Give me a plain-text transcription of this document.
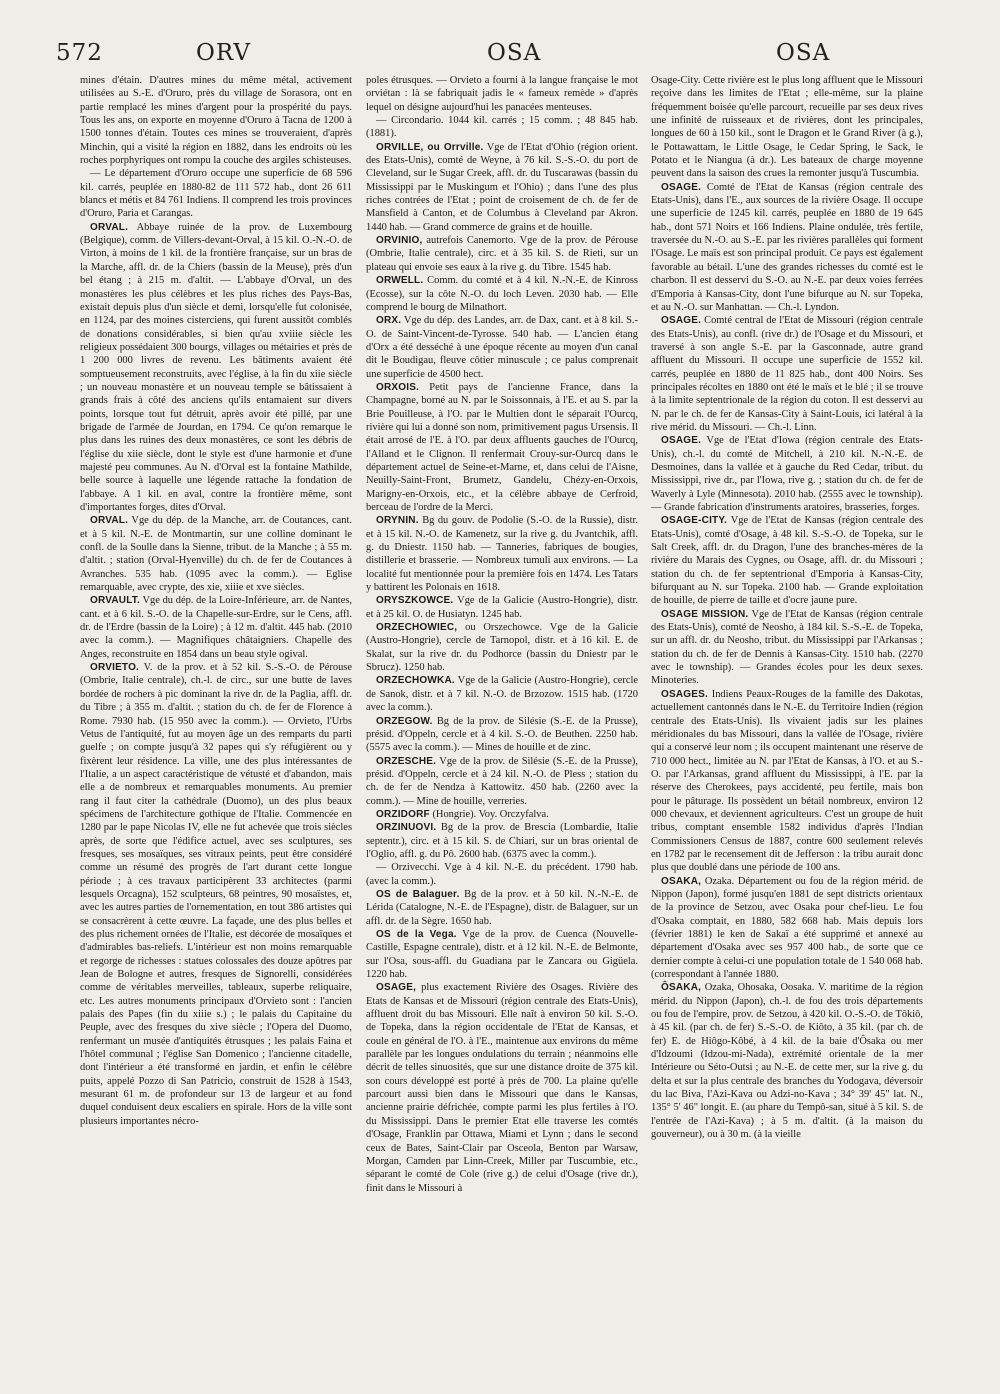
572	ORV	OSA	OSA

mines d'étain. D'autres mines du même métal, activement utilisées au S.-E. d'Oruro, près du village de Sorasora, ont en partie remplacé les mines d'argent pour la prospérité du pays. Tous les ans, on exporte en moyenne d'Oruro à Tacna de 1200 à 1500 tonnes d'étain. Toutes ces mines se trouveraient, d'après Minchin, qui a visité la région en 1882, dans les endroits où les roches porphyriques ont rompu la couche des argiles schisteuses.

— Le département d'Oruro occupe une superficie de 68 596 kil. carrés, peuplée en 1880-82 de 111 572 hab., dont 26 611 blancs et métis et 84 761 Indiens. Il comprend les trois provinces d'Oruro, Paria et Carangas.

ORVAL. Abbaye ruinée de la prov. de Luxembourg (Belgique), comm. de Villers-devant-Orval, à 15 kil. O.-N.-O. de Virton, à moins de 1 kil. de la frontière française, sur un bras de la Marche, affl. dr. de la Chiers (bassin de la Meuse), près d'un bel étang ; à 215 m. d'altit. — L'abbaye d'Orval, un des monastères les plus célèbres et les plus riches des Pays-Bas, existait depuis plus d'un siècle et demi, lorsqu'elle fut colonisée, en 1124, par des moines cisterciens, qui furent aussitôt comblés de donations considérables, si bien qu'au xviiie siècle les religieux possédaient 300 bourgs, villages ou métairies et près de 1 200 000 livres de revenu. Les bâtiments avaient été somptueusement reconstruits, avec l'église, à la fin du xiie siècle ; un nouveau monastère et un nouveau temple se bâtissaient à grands frais à côté des anciens qu'ils entamaient sur divers points, lorsque tout fut détruit, après avoir été pillé, par une brigade de l'armée de Jourdan, en 1794. Ce qu'on remarque le plus dans les ruines des deux monastères, ce sont les débris de l'église du xiie siècle, dont le style est d'une harmonie et d'une majesté peu communes. Au N. d'Orval est la fontaine Mathilde, belle source à laquelle une légende rattache la fondation de l'abbaye. A 1 kil. en aval, contre la frontière même, sont d'importantes forges, dites d'Orval.

ORVAL. Vge du dép. de la Manche, arr. de Coutances, cant. et à 5 kil. N.-E. de Montmartin, sur une colline dominant le confl. de la Soulle dans la Sienne, tribut. de la Manche ; à 55 m. d'altit. ; station (Orval-Hyenville) du ch. de fer de Coutances à Avranches. 535 hab. (1095 avec la comm.). — Eglise remarquable, avec crypte, des xie, xiiie et xve siècles.

ORVAULT. Vge du dép. de la Loire-Inférieure, arr. de Nantes, cant. et à 6 kil. S.-O. de la Chapelle-sur-Erdre, sur le Cens, affl. dr. de l'Erdre (bassin de la Loire) ; à 12 m. d'altit. 445 hab. (2010 avec la comm.). — Magnifiques châtaigniers. Chapelle des Anges, reconstruite en 1854 dans un beau style ogival.

ORVIETO. V. de la prov. et à 52 kil. S.-S.-O. de Pérouse (Ombrie, Italie centrale), ch.-l. de circ., sur une butte de laves bordée de rochers à pic dominant la rive dr. de la Paglia, affl. dr. du Tibre ; à 355 m. d'altit. ; station du ch. de fer de Florence à Rome. 7930 hab. (15 950 avec la comm.). — Orvieto, l'Urbs Vetus de l'antiquité, fut au moyen âge un des remparts du parti guelfe ; on compte jusqu'à 32 papes qui s'y réfugièrent ou y fixèrent leur résidence. La ville, une des plus intéressantes de l'Italie, a un aspect caractéristique de vétusté et d'abandon, mais elle a de nombreux et remarquables monuments. Au premier rang il faut citer la cathédrale (Duomo), un des plus beaux spécimens de l'architecture gothique de l'Italie. Commencée en 1280 par le pape Nicolas IV, elle ne fut achevée que trois siècles après, de sorte que l'édifice actuel, avec ses sculptures, ses fresques, ses mosaïques, ses vitraux peints, peut être considéré comme un résumé des progrès de l'art durant cette longue période ; à ces travaux participèrent 33 architectes (parmi lesquels Orcagna), 152 sculpteurs, 68 peintres, 90 mosaïstes, et, avec les autres parties de l'ornementation, en tout 386 artistes qui se consacrèrent à cette œuvre. La façade, une des plus belles et des plus richement ornées de l'Italie, est décorée de mosaïques et d'admirables bas-reliefs. L'intérieur est non moins remarquable et regorge de richesses : statues colossales des douze apôtres par Jean de Bologne et autres, fresques de Signorelli, considérées comme de véritables merveilles, tableaux, superbe reliquaire, etc. Les autres monuments principaux d'Orvieto sont : l'ancien palais des Papes (fin du xiiie s.) ; le palais du Capitaine du Peuple, avec des fresques du xive siècle ; l'Opera del Duomo, renfermant un musée d'antiquités étrusques ; les palais Faina et l'hôtel communal ; l'église San Domenico ; l'ancienne citadelle, dont l'intérieur a été transformé en jardin, et enfin le célèbre puits, appelé Pozzo di San Patricio, construit de 1528 à 1543, mesurant 61 m. de profondeur sur 13 de largeur et au fond duquel conduisent deux escaliers en spirale. Hors de la ville sont plusieurs importantes nécro-

poles étrusques. — Orvieto a fourni à la langue française le mot orviétan : là se fabriquait jadis le « fameux remède » d'après lequel on désigne aujourd'hui les panacées menteuses.

— Circondario. 1044 kil. carrés ; 15 comm. ; 48 845 hab. (1881).

ORVILLE, ou Orrville. Vge de l'Etat d'Ohio (région orient. des Etats-Unis), comté de Weyne, à 76 kil. S.-S.-O. du port de Cleveland, sur le Sugar Creek, affl. dr. du Tuscarawas (bassin du Mississippi par le Muskingum et l'Ohio) ; dans l'une des plus riches contrées de l'Etat ; point de croisement de ch. de fer de Mansfield à Canton, et de Columbus à Cleveland par Akron. 1440 hab. — Grand commerce de grains et de houille.

ORVINIO, autrefois Canemorto. Vge de la prov. de Pérouse (Ombrie, Italie centrale), circ. et à 35 kil. S. de Rieti, sur un plateau qui envoie ses eaux à la rive g. du Tibre. 1545 hab.

ORWELL. Comm. du comté et à 4 kil. N.-N.-E. de Kinross (Ecosse), sur la côte N.-O. du loch Leven. 2030 hab. — Elle comprend le bourg de Milnathort.

ORX. Vge du dép. des Landes, arr. de Dax, cant. et à 8 kil. S.-O. de Saint-Vincent-de-Tyrosse. 540 hab. — L'ancien étang d'Orx a été desséché à une époque récente au moyen d'un canal dit le Boudigau, fleuve côtier minuscule ; ce palus comprenait une superficie de 4500 hect.

ORXOIS. Petit pays de l'ancienne France, dans la Champagne, borné au N. par le Soissonnais, à l'E. et au S. par la Brie Pouilleuse, à l'O. par le Multien dont le séparait l'Ourcq, rivière qui lui a donné son nom, primitivement pagus Ursensis. Il était arrosé de l'E. à l'O. par deux affluents gauches de l'Ourcq, l'Alland et le Clignon. Il renfermait Crouy-sur-Ourcq dans le département actuel de Seine-et-Marne, et, dans celui de l'Aisne, Neuilly-Saint-Front, Brumetz, Gandelu, Chézy-en-Orxois, Marigny-en-Orxois, etc., et la célèbre abbaye de Cerfroid, berceau de l'ordre de la Merci.

ORYNIN. Bg du gouv. de Podolie (S.-O. de la Russie), distr. et à 15 kil. N.-O. de Kamenetz, sur la rive g. du Jvantchik, affl. g. du Dniestr. 1150 hab. — Tanneries, fabriques de bougies, distillerie et brasserie. — Nombreux tumuli aux environs. — La localité fut mentionnée pour la première fois en 1474. Les Tatars y battirent les Polonais en 1618.

ORYSZKOWCE. Vge de la Galicie (Austro-Hongrie), distr. et à 25 kil. O. de Husiatyn. 1245 hab.

ORZECHOWIEC, ou Orszechowce. Vge de la Galicie (Austro-Hongrie), cercle de Tarnopol, distr. et à 16 kil. E. de Skalat, sur la rive dr. du Podhorce (bassin du Dniestr par le Sbrucz). 1250 hab.

ORZECHOWKA. Vge de la Galicie (Austro-Hongrie), cercle de Sanok, distr. et à 7 kil. N.-O. de Brzozow. 1515 hab. (1720 avec la comm.).

ORZEGOW. Bg de la prov. de Silésie (S.-E. de la Prusse), présid. d'Oppeln, cercle et à 4 kil. S.-O. de Beuthen. 2250 hab. (5575 avec la comm.). — Mines de houille et de zinc.

ORZESCHE. Vge de la prov. de Silésie (S.-E. de la Prusse), présid. d'Oppeln, cercle et à 24 kil. N.-O. de Pless ; station du ch. de fer de Nendza à Kattowitz. 450 hab. (2260 avec la comm.). — Mine de houille, verreries.

ORZIDORF (Hongrie). Voy. Orczyfalva.

ORZINUOVI. Bg de la prov. de Brescia (Lombardie, Italie septentr.), circ. et à 15 kil. S. de Chiari, sur un bras oriental de l'Oglio, affl. g. du Pô. 2600 hab. (6375 avec la comm.).

— Orzivecchi. Vge à 4 kil. N.-E. du précédent. 1790 hab. (avec la comm.).

OS de Balaguer. Bg de la prov. et à 50 kil. N.-N.-E. de Lérida (Catalogne, N.-E. de l'Espagne), distr. de Balaguer, sur un affl. dr. de la Sègre. 1650 hab.

OS de la Vega. Vge de la prov. de Cuenca (Nouvelle-Castille, Espagne centrale), distr. et à 12 kil. N.-E. de Belmonte, sur l'Osa, sous-affl. du Guadiana par le Zancara ou Gigüela. 1220 hab.

OSAGE, plus exactement Rivière des Osages. Rivière des Etats de Kansas et de Missouri (région centrale des Etats-Unis), affluent droit du bas Missouri. Elle naît à environ 50 kil. S.-O. de Topeka, dans la région occidentale de l'Etat de Kansas, et coule en général de l'O. à l'E., maintenue aux environs du même parallèle par les longues ondulations du terrain ; néanmoins elle décrit de telles sinuosités, que sur une distance droite de 375 kil. son cours développé est porté à près de 700. La plaine qu'elle parcourt aussi bien dans le Missouri que dans le Kansas, ancienne prairie défrichée, compte parmi les plus fertiles à l'O. du Mississippi. Dans le premier Etat elle traverse les comtés d'Osage, Franklin par Ottawa, Miami et Lynn ; dans le second ceux de Bates, Saint-Clair par Osceola, Benton par Warsaw, Morgan, Camden par Linn-Creek, Miller par Tuscumbie, etc., séparant le comté de Cole (rive g.) de celui d'Osage (rive dr.), finit dans le Missouri à

Osage-City. Cette rivière est le plus long affluent que le Missouri reçoive dans les limites de l'Etat ; elle-même, sur la plaine fréquemment boisée qu'elle parcourt, recueille par ses deux rives une infinité de ruisseaux et de rivières, dont les principales, longues de 60 à 150 kil., sont le Dragon et le Grand River (à g.), le Pottawattam, le Little Osage, le Cedar Spring, le Sack, le Potato et le Niangua (à dr.). Les bateaux de charge moyenne peuvent dans la saison des crues la remonter jusqu'à Tuscumbia.

OSAGE. Comté de l'Etat de Kansas (région centrale des Etats-Unis), dans l'E., aux sources de la rivière Osage. Il occupe une superficie de 1245 kil. carrés, peuplée en 1880 de 19 645 hab., dont 571 Noirs et 166 Indiens. Plaine ondulée, très fertile, traversée du N.-O. au S.-E. par les rivières parallèles qui forment l'Osage. Le maïs est son principal produit. Ce pays est également favorable au bétail. L'une des grandes richesses du comté est le charbon. Il est desservi du S.-O. au N.-E. par deux voies ferrées d'Emporia à Kansas-City, dont l'une bifurque au N. sur Topeka, et au N.-O. sur Manhattan. — Ch.-l. Lyndon.

OSAGE. Comté central de l'Etat de Missouri (région centrale des Etats-Unis), au confl. (rive dr.) de l'Osage et du Missouri, et traversé à son angle S.-E. par la Gasconnade, autre grand affluent du Missouri. Il occupe une superficie de 1552 kil. carrés, peuplée en 1880 de 11 825 hab., dont 400 Noirs. Ses principales récoltes en 1880 ont été le maïs et le blé ; il se trouve à la limite septentrionale de la région du coton. Il est desservi au N. par le ch. de fer de Kansas-City à Saint-Louis, ici latéral à la rive mérid. du Missouri. — Ch.-l. Linn.

OSAGE. Vge de l'Etat d'Iowa (région centrale des Etats-Unis), ch.-l. du comté de Mitchell, à 210 kil. N.-N.-E. de Desmoines, dans la vallée et à gauche du Red Cedar, tribut. du Mississippi, rive dr., par l'Iowa, rive g. ; station du ch. de fer de Waverly à Lyle (Minnesota). 2010 hab. (2555 avec le township). — Grande fabrication d'instruments aratoires, brasseries, forges.

OSAGE-CITY. Vge de l'Etat de Kansas (région centrale des Etats-Unis), comté d'Osage, à 48 kil. S.-S.-O. de Topeka, sur le Salt Creek, affl. dr. du Dragon, l'une des branches-mères de la rivière du Marais des Cygnes, ou Osage, affl. dr. du Missouri ; station du ch. de fer septentrional d'Emporia à Kansas-City, bifurquant au N. sur Topeka. 2100 hab. — Grande exploitation de houille, de pierre de taille et d'ocre jaune pure.

OSAGE MISSION. Vge de l'Etat de Kansas (région centrale des Etats-Unis), comté de Neosho, à 184 kil. S.-S.-E. de Topeka, sur un affl. dr. du Neosho, tribut. du Mississippi par l'Arkansas ; station du ch. de fer de Dennis à Kansas-City. 1510 hab. (2270 avec le township). — Grandes écoles pour les deux sexes. Minoteries.

OSAGES. Indiens Peaux-Rouges de la famille des Dakotas, actuellement cantonnés dans le N.-E. du Territoire Indien (région centrale des Etats-Unis). Ils vivaient jadis sur les plaines méridionales du bas Missouri, dans la vallée de l'Osage, rivière qui a conservé leur nom ; ils occupent maintenant une réserve de 710 000 hect., limitée au N. par l'Etat de Kansas, à l'O. et au S.-O. par l'Arkansas, grand affluent du Mississippi, à l'E. par la réserve des Cherokees, pays accidenté, peu fertile, mais bon pour le pâturage. Ils possèdent un bétail nombreux, environ 12 000 chevaux, et deviennent agriculteurs. C'est un groupe de huit tribus, comptant ensemble 1582 individus d'après l'Indian Commissioners Census de 1887, contre 600 seulement relevés en 1782 par le recensement dit de Jefferson : la tribu aurait donc plus que doublé dans une période de 100 ans.

OSAKA, Ozaka. Département ou fou de la région mérid. de Nippon (Japon), formé jusqu'en 1881 de sept districts orientaux de la province de Setzou, avec Osaka pour chef-lieu. Le fou d'Osaka comptait, en 1880, 582 668 hab. Mais depuis lors (février 1881) le ken de Sakaï a été supprimé et annexé au département d'Osaka avec ses 957 400 hab., de sorte que ce dernier compte à celui-ci une population totale de 1 540 068 hab. (correspondant à l'année 1880.

ÔSAKA, Ozaka, Ohosaka, Oosaka. V. maritime de la région mérid. du Nippon (Japon), ch.-l. de fou des trois départements ou fou de l'empire, prov. de Setzou, à 420 kil. O.-S.-O. de Tôkiô, à 45 kil. (par ch. de fer) S.-S.-O. de Kiôto, à 35 kil. (par ch. de fer) E. de Hiôgo-Kôbé, à 4 kil. de la baie d'Ôsaka ou mer d'Idzoumi (Idzou-mi-Nada), extrémité orientale de la mer Intérieure ou Séto-Outsi ; au N.-E. de cette mer, sur la rive g. du delta et sur la plus centrale des branches du Yodogava, déversoir du lac Biva, l'Azi-Kava ou Adzi-no-Kava ; 34° 39' 45" lat. N., 135° 5' 46" longit. E. (au phare du Tempô-san, situé à 5 kil. S. de l'entrée de l'Azi-Kava) ; à 5 m. d'altit. (à la maison du gouverneur), ou à 30 m. (à la vieille
